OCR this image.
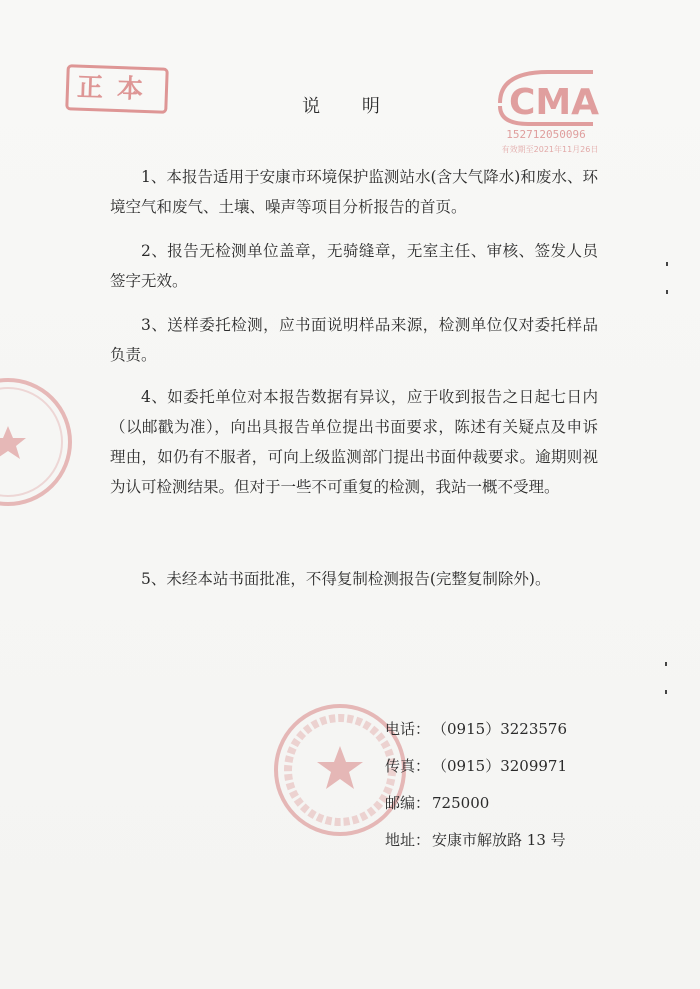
正本	CMA
152712050096
有效期至2021年11月26日
说 明
1、本报告适用于安康市环境保护监测站水(含大气降水)和废水、环境空气和废气、土壤、噪声等项目分析报告的首页。
2、报告无检测单位盖章，无骑缝章，无室主任、审核、签发人员签字无效。
3、送样委托检测，应书面说明样品来源，检测单位仅对委托样品负责。
4、如委托单位对本报告数据有异议，应于收到报告之日起七日内（以邮戳为准），向出具报告单位提出书面要求，陈述有关疑点及申诉理由，如仍有不服者，可向上级监测部门提出书面仲裁要求。逾期则视为认可检测结果。但对于一些不可重复的检测，我站一概不受理。
5、未经本站书面批准，不得复制检测报告(完整复制除外)。
电话： （0915）3223576
传真： （0915）3209971
邮编： 725000
地址： 安康市解放路 13 号
